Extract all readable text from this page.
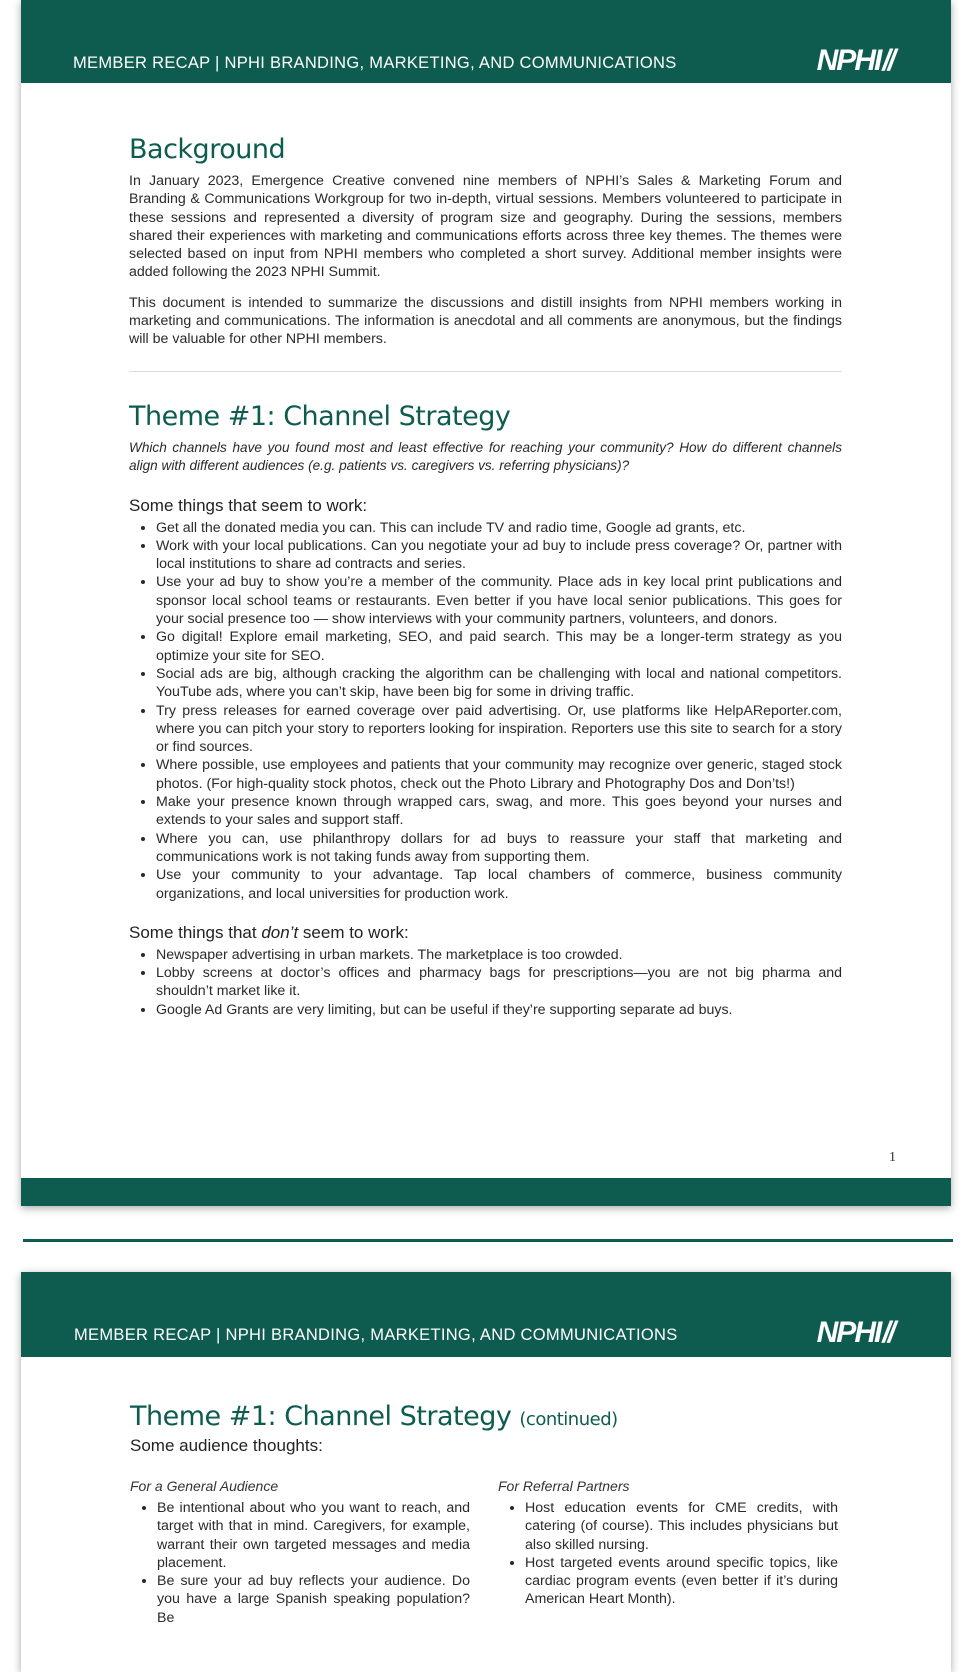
MEMBER RECAP | NPHI BRANDING, MARKETING, AND COMMUNICATIONS	NPHI//
Background

In January 2023, Emergence Creative convened nine members of NPHI’s Sales & Marketing Forum and Branding & Communications Workgroup for two in-depth, virtual sessions. Members volunteered to participate in these sessions and represented a diversity of program size and geography. During the sessions, members shared their experiences with marketing and communications efforts across three key themes. The themes were selected based on input from NPHI members who completed a short survey. Additional member insights were added following the 2023 NPHI Summit.

This document is intended to summarize the discussions and distill insights from NPHI members working in marketing and communications. The information is anecdotal and all comments are anonymous, but the findings will be valuable for other NPHI members.

Theme #1: Channel Strategy

Which channels have you found most and least effective for reaching your community? How do different channels align with different audiences (e.g. patients vs. caregivers vs. referring physicians)?

Some things that seem to work:
• Get all the donated media you can. This can include TV and radio time, Google ad grants, etc.
• Work with your local publications. Can you negotiate your ad buy to include press coverage? Or, partner with local institutions to share ad contracts and series.
• Use your ad buy to show you’re a member of the community. Place ads in key local print publications and sponsor local school teams or restaurants. Even better if you have local senior publications. This goes for your social presence too — show interviews with your community partners, volunteers, and donors.
• Go digital! Explore email marketing, SEO, and paid search. This may be a longer-term strategy as you optimize your site for SEO.
• Social ads are big, although cracking the algorithm can be challenging with local and national competitors. YouTube ads, where you can’t skip, have been big for some in driving traffic.
• Try press releases for earned coverage over paid advertising. Or, use platforms like HelpAReporter.com, where you can pitch your story to reporters looking for inspiration. Reporters use this site to search for a story or find sources.
• Where possible, use employees and patients that your community may recognize over generic, staged stock photos. (For high-quality stock photos, check out the Photo Library and Photography Dos and Don’ts!)
• Make your presence known through wrapped cars, swag, and more. This goes beyond your nurses and extends to your sales and support staff.
• Where you can, use philanthropy dollars for ad buys to reassure your staff that marketing and communications work is not taking funds away from supporting them.
• Use your community to your advantage. Tap local chambers of commerce, business community organizations, and local universities for production work.
Some things that don’t seem to work:
• Newspaper advertising in urban markets. The marketplace is too crowded.
• Lobby screens at doctor’s offices and pharmacy bags for prescriptions—you are not big pharma and shouldn’t market like it.
• Google Ad Grants are very limiting, but can be useful if they’re supporting separate ad buys.
1
MEMBER RECAP | NPHI BRANDING, MARKETING, AND COMMUNICATIONS	NPHI//
Theme #1: Channel Strategy (continued)
Some audience thoughts:
For a General Audience
• Be intentional about who you want to reach, and target with that in mind. Caregivers, for example, warrant their own targeted messages and media placement.
• Be sure your ad buy reflects your audience. Do you have a large Spanish speaking population? Be
For Referral Partners
• Host education events for CME credits, with catering (of course). This includes physicians but also skilled nursing.
• Host targeted events around specific topics, like cardiac program events (even better if it’s during American Heart Month).
